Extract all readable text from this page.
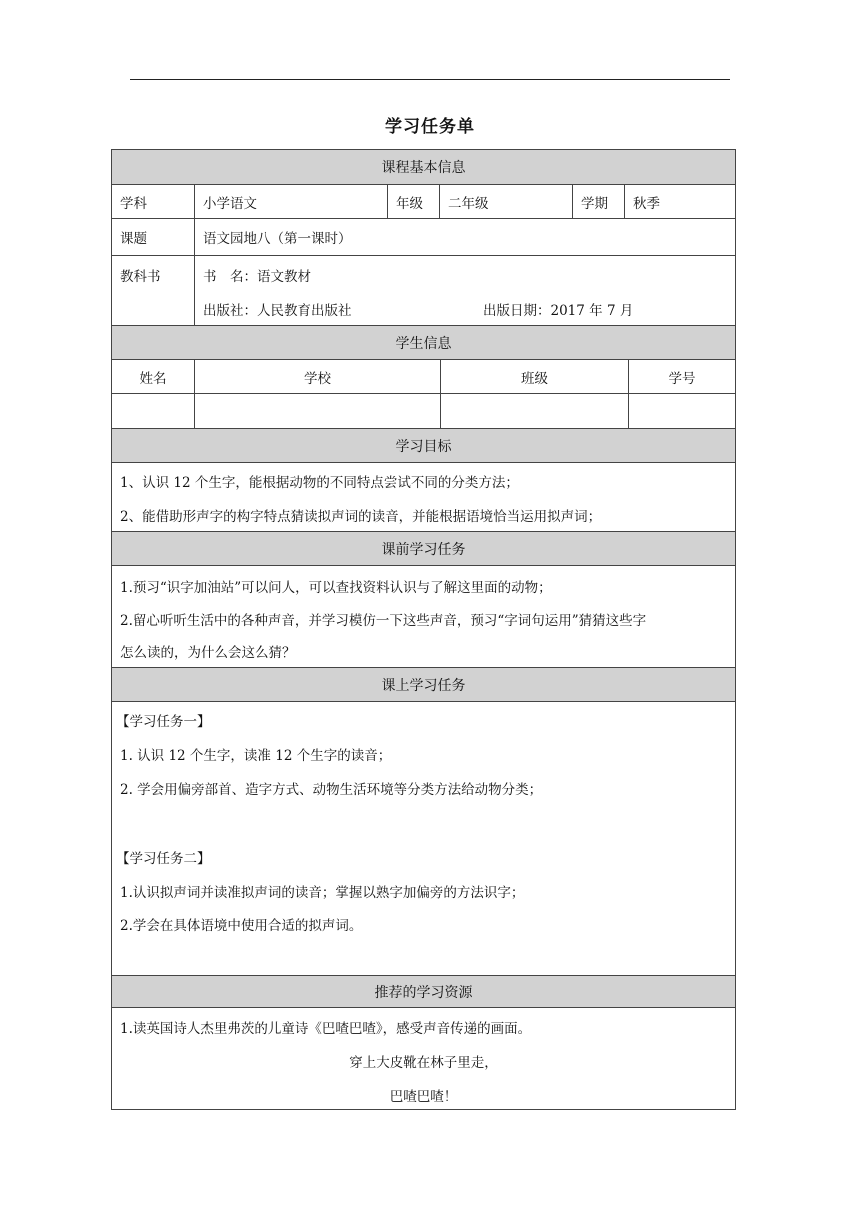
学习任务单
课程基本信息
学科	小学语文	年级	二年级	学期	秋季
课题	语文园地八（第一课时）
教科书	书　名：语文教材
出版社：人民教育出版社	出版日期：2017 年 7 月
学生信息
姓名	学校	班级	学号
学习目标
1、认识 12 个生字，能根据动物的不同特点尝试不同的分类方法；
2、能借助形声字的构字特点猜读拟声词的读音，并能根据语境恰当运用拟声词；
课前学习任务
1.预习“识字加油站”可以问人，可以查找资料认识与了解这里面的动物；
2.留心听听生活中的各种声音，并学习模仿一下这些声音，预习“字词句运用”猜猜这些字
怎么读的，为什么会这么猜？
课上学习任务
【学习任务一】
1. 认识 12 个生字，读准 12 个生字的读音；
2. 学会用偏旁部首、造字方式、动物生活环境等分类方法给动物分类；
【学习任务二】
1.认识拟声词并读准拟声词的读音；掌握以熟字加偏旁的方法识字；
2.学会在具体语境中使用合适的拟声词。
推荐的学习资源
1.读英国诗人杰里弗茨的儿童诗《巴喳巴喳》，感受声音传递的画面。
穿上大皮靴在林子里走，
巴喳巴喳！
